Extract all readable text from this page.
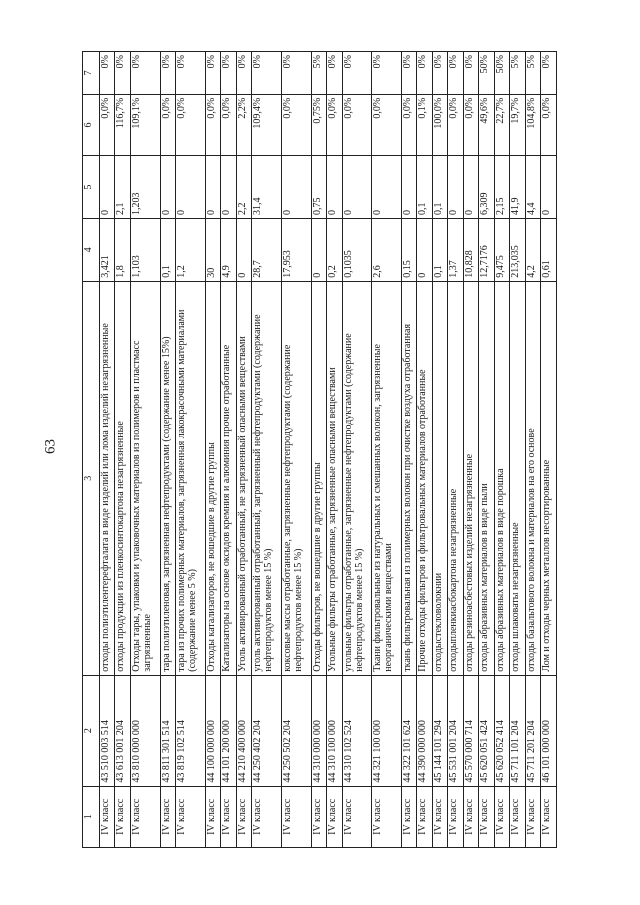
63
1	2	3	4	5	6	7
IV класс	43 510 003 514	отходы полиэтилентерефталата в виде изделий или лома изделий незагрязненные	3,421	0	0,0%	0%
IV класс	43 613 001 204	отходы продукции из пленкосинтокартона незагрязненные	1,8	2,1	116,7%	0%
IV класс	43 810 000 000	Отходы тары, упаковки и упаковочных материалов из полимеров и пластмасс загрязненные	1,103	1,203	109,1%	0%
IV класс	43 811 301 514	тара полиэтиленовая, загрязненная нефтепродуктами (содержание менее 15%)	0,1	0	0,0%	0%
IV класс	43 819 102 514	тара из прочих полимерных материалов, загрязненная лакокрасочными материалами (содержание менее 5 %)	1,2	0	0,0%	0%
IV класс	44 100 000 000	Отходы катализаторов, не вошедшие в другие группы	30	0	0,0%	0%
IV класс	44 101 200 000	Катализаторы на основе оксидов кремния и алюминия прочие отработанные	4,9	0	0,0%	0%
IV класс	44 210 400 000	Уголь активированный отработанный, не загрязненный опасными веществами	0	2,2	2,2%	0%
IV класс	44 250 402 204	уголь активированный отработанный, загрязненный нефтепродуктами (содержание нефтепродуктов менее 15 %)	28,7	31,4	109,4%	0%
IV класс	44 250 502 204	коксовые массы отработанные, загрязненные нефтепродуктами (содержание нефтепродуктов менее 15 %)	17,953	0	0,0%	0%
IV класс	44 310 000 000	Отходы фильтров, не вошедшие в другие группы	0	0,75	0,75%	5%
IV класс	44 310 100 000	Угольные фильтры отработанные, загрязненные опасными веществами	0,2	0	0,0%	0%
IV класс	44 310 102 524	угольные фильтры отработанные, загрязненные нефтепродуктами (содержание нефтепродуктов менее 15 %)	0,1035	0	0,0%	0%
IV класс	44 321 100 000	Ткани фильтровальные из натуральных и смешанных волокон, загрязненные неорганическими веществами	2,6	0	0,0%	0%
IV класс	44 322 101 624	ткань фильтровальная из полимерных волокон при очистке воздуха отработанная	0,15	0	0,0%	0%
IV класс	44 390 000 000	Прочие отходы фильтров и фильтровальных материалов отработанные	0	0,1	0,1%	0%
IV класс	45 144 101 294	отходыстекловолокнии	0,1	0,1	100,0%	0%
IV класс	45 531 001 204	отходыпленкиасбокартона незагрязненные	1,37	0	0,0%	0%
IV класс	45 570 000 714	отходы резиноасбестовых изделий незагрязненные	10,828	0	0,0%	0%
IV класс	45 620 051 424	отходы абразивных материалов в виде пыли	12,7176	6,309	49,6%	50%
IV класс	45 620 052 414	отходы абразивных материалов в виде порошка	9,475	2,15	22,7%	50%
IV класс	45 711 101 204	отходы шлаковаты незагрязненные	213,035	41,9	19,7%	5%
IV класс	45 711 201 204	отходы базальтового волокна и материалов на его основе	4,2	4,4	104,8%	5%
IV класс	46 101 000 000	Лом и отходы черных металлов несортированные	0,61	0	0,0%	0%
